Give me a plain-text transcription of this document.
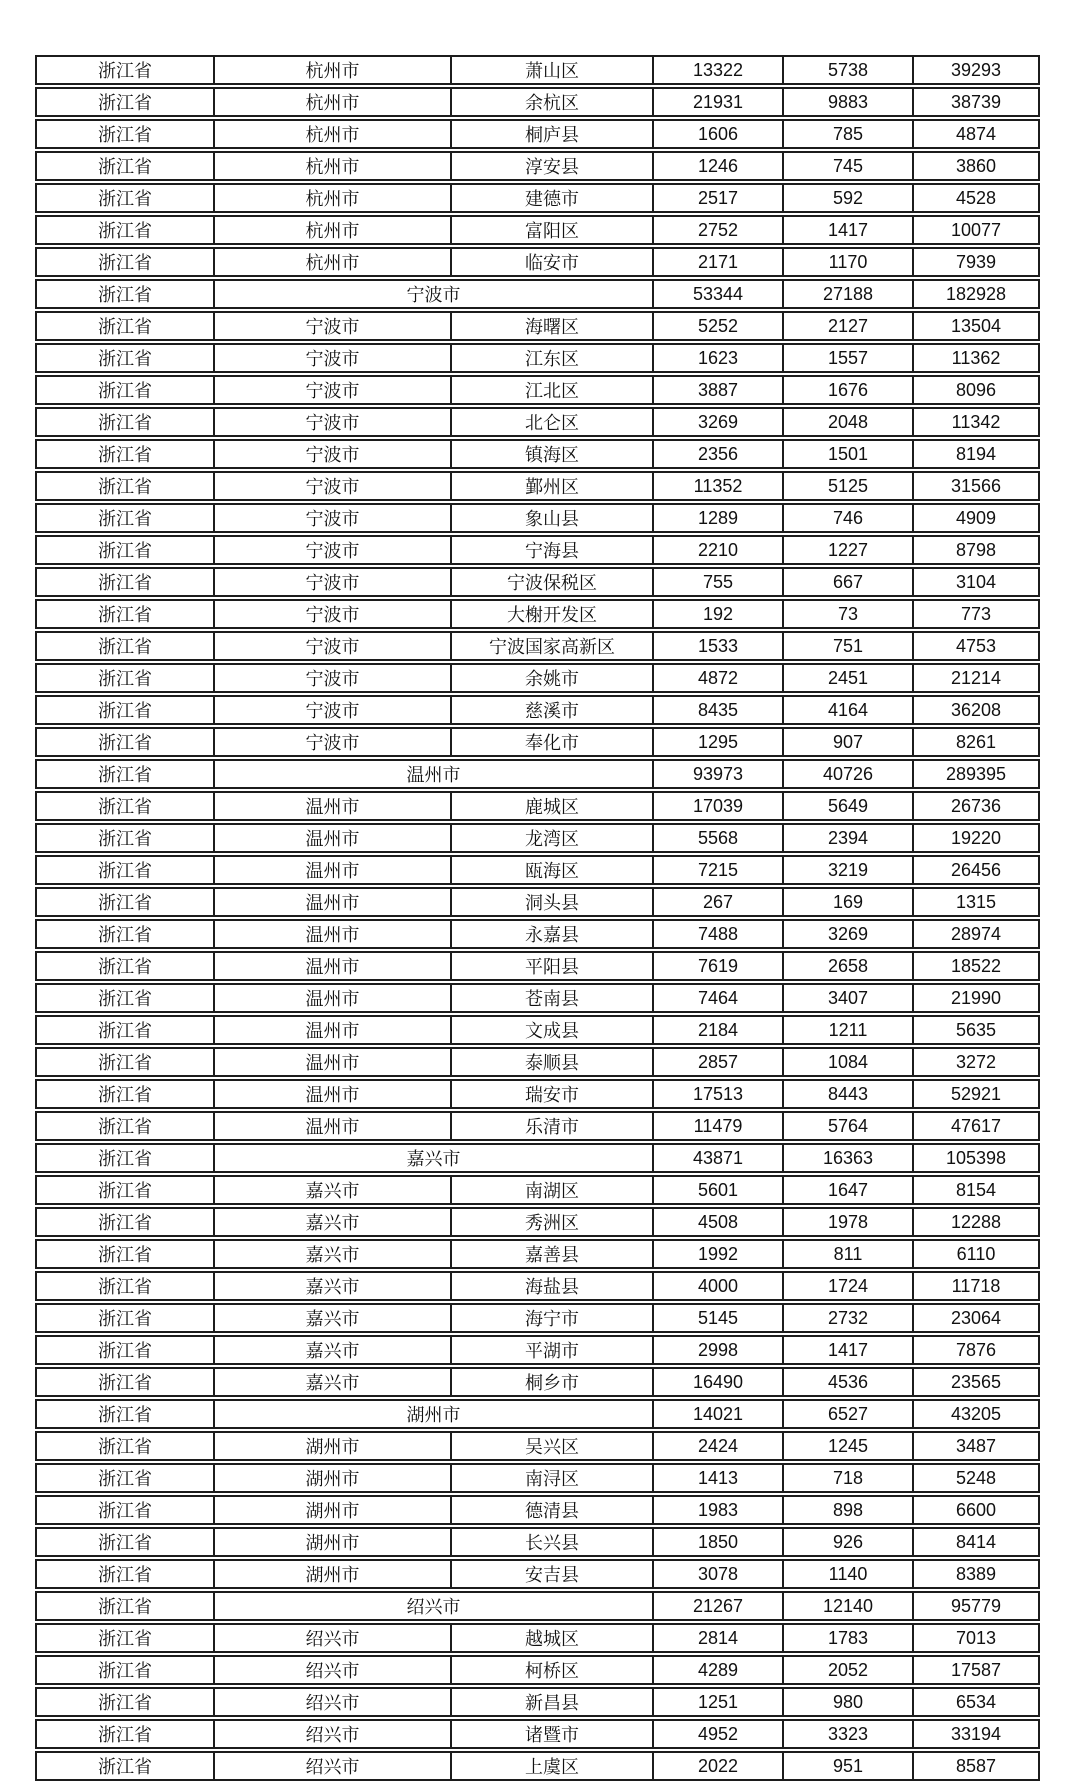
浙江省	杭州市	萧山区	13322	5738	39293
浙江省	杭州市	余杭区	21931	9883	38739
浙江省	杭州市	桐庐县	1606	785	4874
浙江省	杭州市	淳安县	1246	745	3860
浙江省	杭州市	建德市	2517	592	4528
浙江省	杭州市	富阳区	2752	1417	10077
浙江省	杭州市	临安市	2171	1170	7939
浙江省	宁波市		53344	27188	182928
浙江省	宁波市	海曙区	5252	2127	13504
浙江省	宁波市	江东区	1623	1557	11362
浙江省	宁波市	江北区	3887	1676	8096
浙江省	宁波市	北仑区	3269	2048	11342
浙江省	宁波市	镇海区	2356	1501	8194
浙江省	宁波市	鄞州区	11352	5125	31566
浙江省	宁波市	象山县	1289	746	4909
浙江省	宁波市	宁海县	2210	1227	8798
浙江省	宁波市	宁波保税区	755	667	3104
浙江省	宁波市	大榭开发区	192	73	773
浙江省	宁波市	宁波国家高新区	1533	751	4753
浙江省	宁波市	余姚市	4872	2451	21214
浙江省	宁波市	慈溪市	8435	4164	36208
浙江省	宁波市	奉化市	1295	907	8261
浙江省	温州市		93973	40726	289395
浙江省	温州市	鹿城区	17039	5649	26736
浙江省	温州市	龙湾区	5568	2394	19220
浙江省	温州市	瓯海区	7215	3219	26456
浙江省	温州市	洞头县	267	169	1315
浙江省	温州市	永嘉县	7488	3269	28974
浙江省	温州市	平阳县	7619	2658	18522
浙江省	温州市	苍南县	7464	3407	21990
浙江省	温州市	文成县	2184	1211	5635
浙江省	温州市	泰顺县	2857	1084	3272
浙江省	温州市	瑞安市	17513	8443	52921
浙江省	温州市	乐清市	11479	5764	47617
浙江省	嘉兴市		43871	16363	105398
浙江省	嘉兴市	南湖区	5601	1647	8154
浙江省	嘉兴市	秀洲区	4508	1978	12288
浙江省	嘉兴市	嘉善县	1992	811	6110
浙江省	嘉兴市	海盐县	4000	1724	11718
浙江省	嘉兴市	海宁市	5145	2732	23064
浙江省	嘉兴市	平湖市	2998	1417	7876
浙江省	嘉兴市	桐乡市	16490	4536	23565
浙江省	湖州市		14021	6527	43205
浙江省	湖州市	吴兴区	2424	1245	3487
浙江省	湖州市	南浔区	1413	718	5248
浙江省	湖州市	德清县	1983	898	6600
浙江省	湖州市	长兴县	1850	926	8414
浙江省	湖州市	安吉县	3078	1140	8389
浙江省	绍兴市		21267	12140	95779
浙江省	绍兴市	越城区	2814	1783	7013
浙江省	绍兴市	柯桥区	4289	2052	17587
浙江省	绍兴市	新昌县	1251	980	6534
浙江省	绍兴市	诸暨市	4952	3323	33194
浙江省	绍兴市	上虞区	2022	951	8587
